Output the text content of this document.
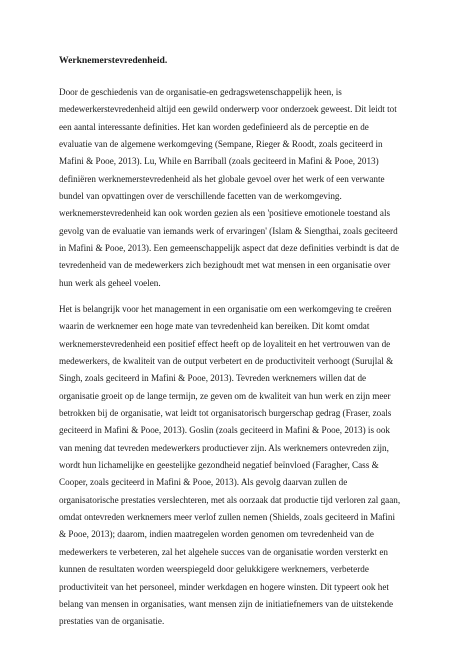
Werknemerstevredenheid.
Door de geschiedenis van de organisatie-en gedragswetenschappelijk heen, is
medewerkerstevredenheid altijd een gewild onderwerp voor onderzoek geweest. Dit leidt tot
een aantal interessante definities. Het kan worden gedefinieerd als de perceptie en de
evaluatie van de algemene werkomgeving (Sempane, Rieger & Roodt, zoals geciteerd in
Mafini & Pooe, 2013). Lu, While en Barriball (zoals geciteerd in Mafini & Pooe, 2013)
definiëren werknemerstevredenheid als het globale gevoel over het werk of een verwante
bundel van opvattingen over de verschillende facetten van de werkomgeving.
werknemerstevredenheid kan ook worden gezien als een 'positieve emotionele toestand als
gevolg van de evaluatie van iemands werk of ervaringen' (Islam & Siengthai, zoals geciteerd
in Mafini & Pooe, 2013). Een gemeenschappelijk aspect dat deze definities verbindt is dat de
tevredenheid van de medewerkers zich bezighoudt met wat mensen in een organisatie over
hun werk als geheel voelen.
Het is belangrijk voor het management in een organisatie om een werkomgeving te creëren
waarin de werknemer een hoge mate van tevredenheid kan bereiken. Dit komt omdat
werknemerstevredenheid een positief effect heeft op de loyaliteit en het vertrouwen van de
medewerkers, de kwaliteit van de output verbetert en de productiviteit verhoogt (Surujlal &
Singh, zoals geciteerd in Mafini & Pooe, 2013). Tevreden werknemers willen dat de
organisatie groeit op de lange termijn, ze geven om de kwaliteit van hun werk en zijn meer
betrokken bij de organisatie, wat leidt tot organisatorisch burgerschap gedrag (Fraser, zoals
geciteerd in Mafini & Pooe, 2013). Goslin (zoals geciteerd in Mafini & Pooe, 2013) is ook
van mening dat tevreden medewerkers productiever zijn. Als werknemers ontevreden zijn,
wordt hun lichamelijke en geestelijke gezondheid negatief beïnvloed (Faragher, Cass &
Cooper, zoals geciteerd in Mafini & Pooe, 2013). Als gevolg daarvan zullen de
organisatorische prestaties verslechteren, met als oorzaak dat productie tijd verloren zal gaan,
omdat ontevreden werknemers meer verlof zullen nemen (Shields, zoals geciteerd in Mafini
& Pooe, 2013); daarom, indien maatregelen worden genomen om tevredenheid van de
medewerkers te verbeteren, zal het algehele succes van de organisatie worden versterkt en
kunnen de resultaten worden weerspiegeld door gelukkigere werknemers, verbeterde
productiviteit van het personeel, minder werkdagen en hogere winsten. Dit typeert ook het
belang van mensen in organisaties, want mensen zijn de initiatiefnemers van de uitstekende
prestaties van de organisatie.
